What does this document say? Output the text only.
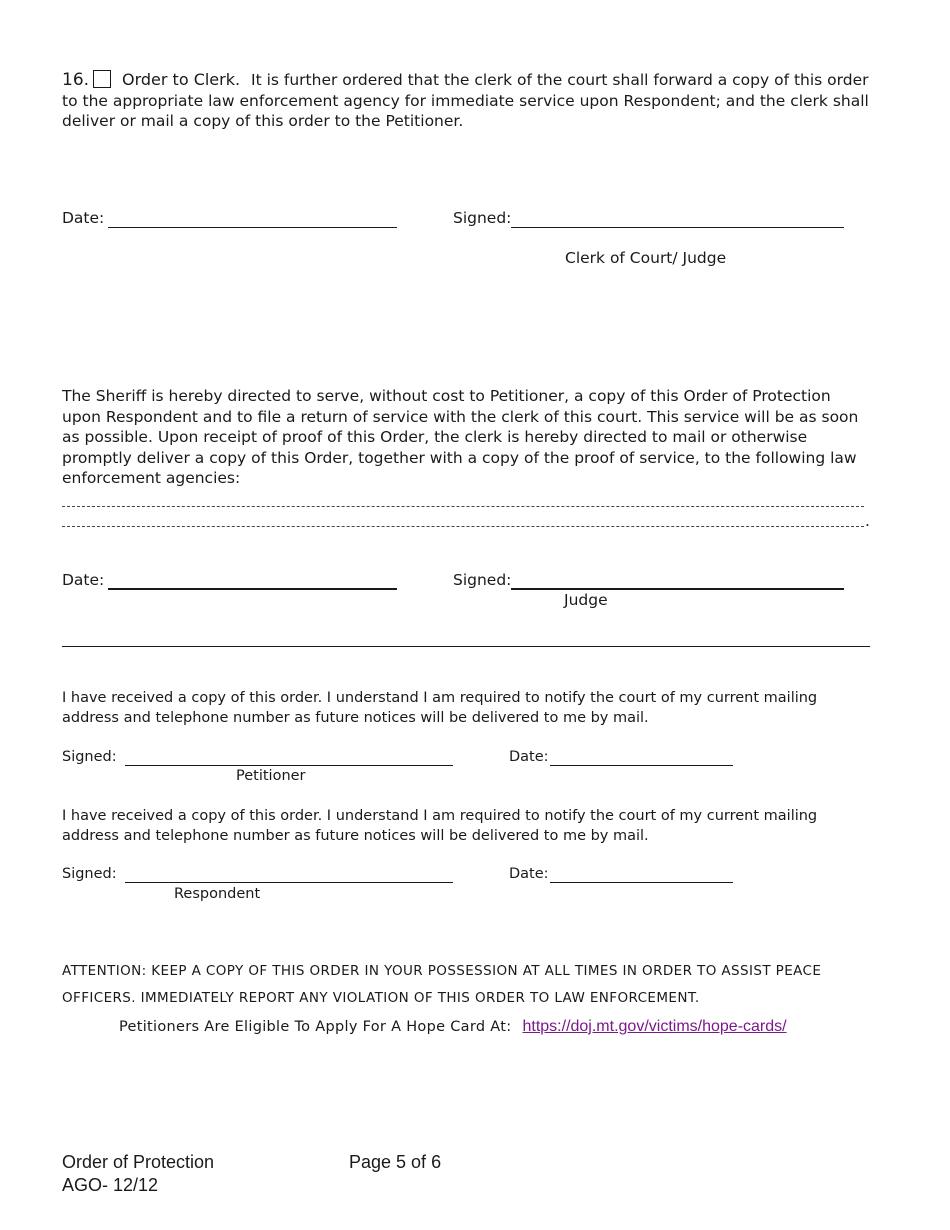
16. Order to Clerk. It is further ordered that the clerk of the court shall forward a copy of this order to the appropriate law enforcement agency for immediate service upon Respondent; and the clerk shall deliver or mail a copy of this order to the Petitioner.
Date:	Signed:
Clerk of Court/ Judge
The Sheriff is hereby directed to serve, without cost to Petitioner, a copy of this Order of Protection upon Respondent and to file a return of service with the clerk of this court. This service will be as soon as possible. Upon receipt of proof of this Order, the clerk is hereby directed to mail or otherwise promptly deliver a copy of this Order, together with a copy of the proof of service, to the following law enforcement agencies:
.
Date:	Signed:
Judge
I have received a copy of this order. I understand I am required to notify the court of my current mailing address and telephone number as future notices will be delivered to me by mail.
Signed:	Date:
Petitioner
I have received a copy of this order. I understand I am required to notify the court of my current mailing address and telephone number as future notices will be delivered to me by mail.
Signed:	Date:
Respondent
ATTENTION: KEEP A COPY OF THIS ORDER IN YOUR POSSESSION AT ALL TIMES IN ORDER TO ASSIST PEACE
OFFICERS. IMMEDIATELY REPORT ANY VIOLATION OF THIS ORDER TO LAW ENFORCEMENT.
Petitioners Are Eligible To Apply For A Hope Card At: https://doj.mt.gov/victims/hope-cards/
Order of Protection
AGO- 12/12
Page 5 of 6
